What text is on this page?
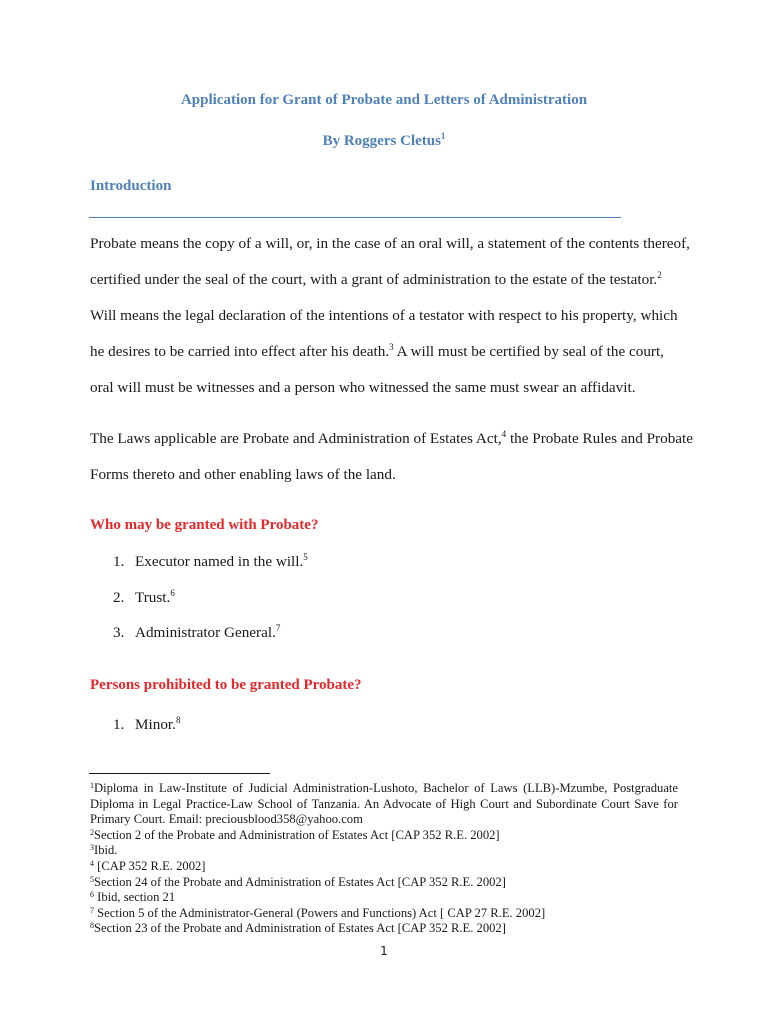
Application for Grant of Probate and Letters of Administration
By Roggers Cletus$^1$
Introduction

Probate means the copy of a will, or, in the case of an oral will, a statement of the contents thereof,
certified under the seal of the court, with a grant of administration to the estate of the testator.$^2$
Will means the legal declaration of the intentions of a testator with respect to his property, which
he desires to be carried into effect after his death.$^3$ A will must be certified by seal of the court,
oral will must be witnesses and a person who witnessed the same must swear an affidavit.

The Laws applicable are Probate and Administration of Estates Act,$^4$ the Probate Rules and Probate
Forms thereto and other enabling laws of the land.

Who may be granted with Probate?
1. Executor named in the will.$^5$
2. Trust.$^6$
3. Administrator General.$^7$
Persons prohibited to be granted Probate?
1. Minor.$^8$

$^1$Diploma in Law-Institute of Judicial Administration-Lushoto, Bachelor of Laws (LLB)-Mzumbe, Postgraduate Diploma in Legal Practice-Law School of Tanzania. An Advocate of High Court and Subordinate Court Save for Primary Court. Email: preciousblood358@yahoo.com

$^2$Section 2 of the Probate and Administration of Estates Act [CAP 352 R.E. 2002]

$^3$Ibid.

$^4$ [CAP 352 R.E. 2002]

$^5$Section 24 of the Probate and Administration of Estates Act [CAP 352 R.E. 2002]

$^6$ Ibid, section 21

$^7$ Section 5 of the Administrator-General (Powers and Functions) Act [ CAP 27 R.E. 2002]

$^8$Section 23 of the Probate and Administration of Estates Act [CAP 352 R.E. 2002]

1
